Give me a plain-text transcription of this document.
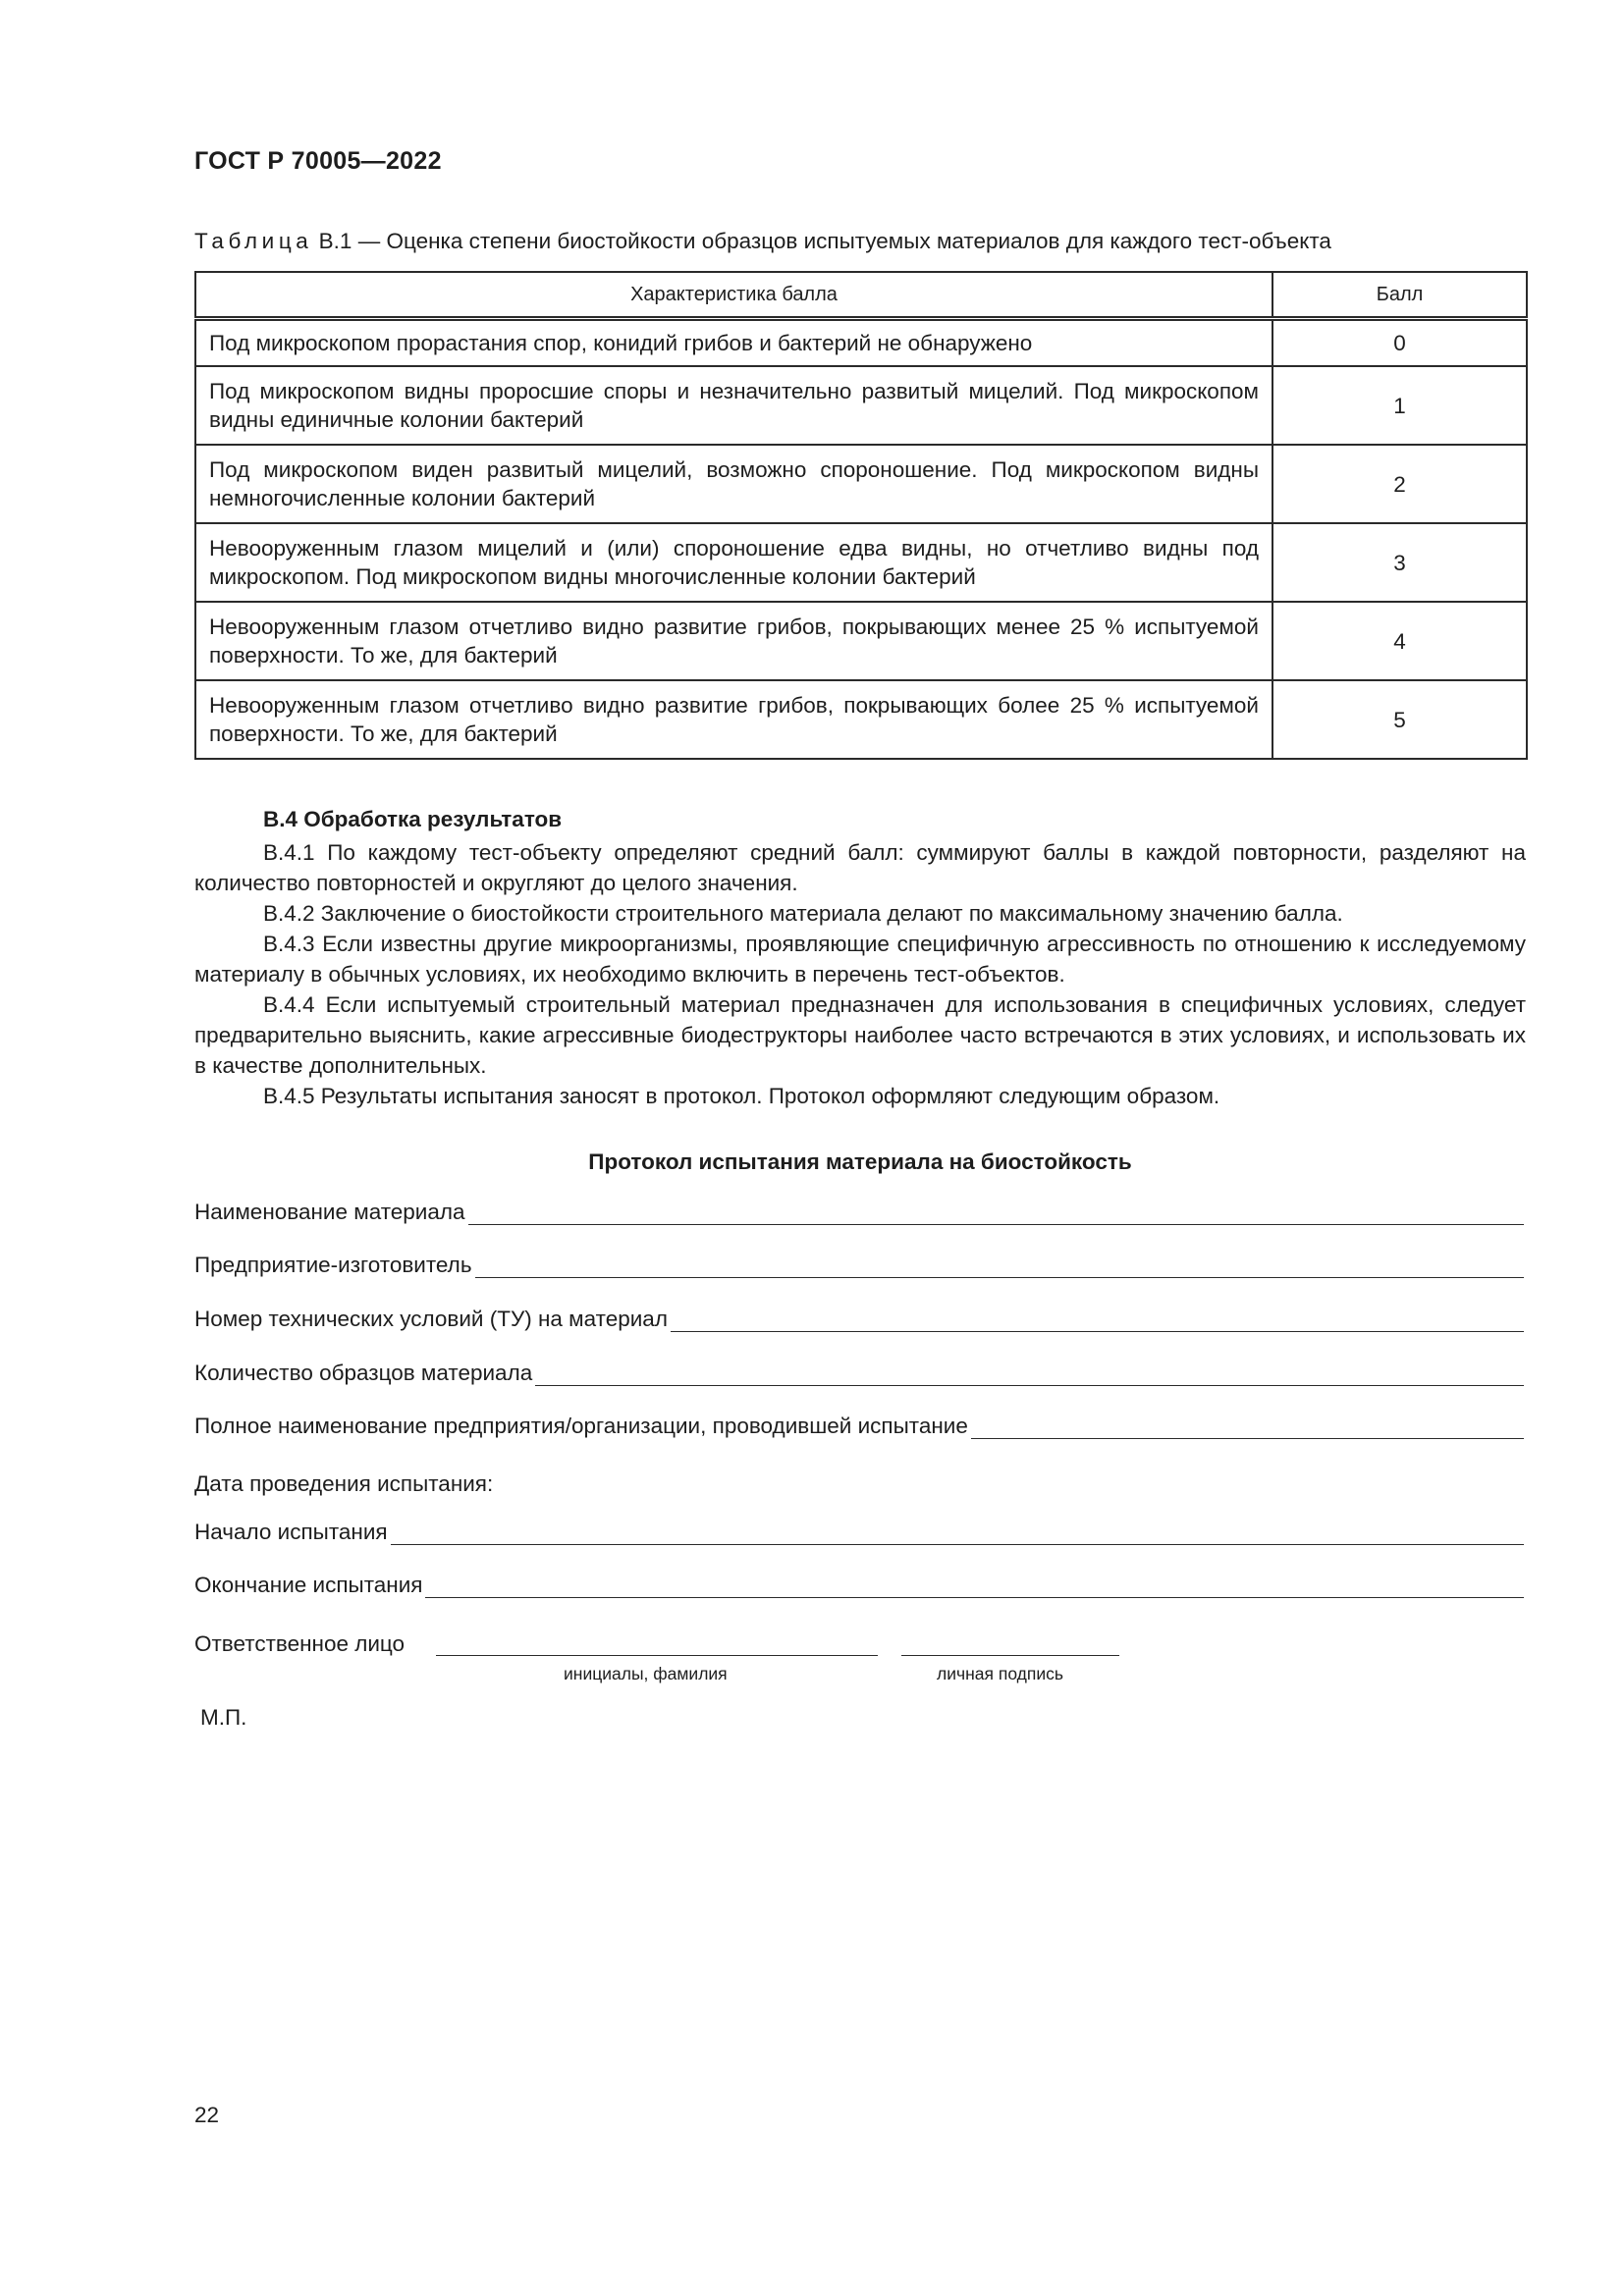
ГОСТ Р 70005—2022
Таблица В.1 — Оценка степени биостойкости образцов испытуемых материалов для каждого тест-объекта
Характеристика балла	Балл
Под микроскопом прорастания спор, конидий грибов и бактерий не обнаружено	0
Под микроскопом видны проросшие споры и незначительно развитый мицелий. Под микроскопом видны единичные колонии бактерий	1
Под микроскопом виден развитый мицелий, возможно спороношение. Под микроскопом видны немногочисленные колонии бактерий	2
Невооруженным глазом мицелий и (или) спороношение едва видны, но отчетливо видны под микроскопом. Под микроскопом видны многочисленные колонии бактерий	3
Невооруженным глазом отчетливо видно развитие грибов, покрывающих менее 25 % испытуемой поверхности. То же, для бактерий	4
Невооруженным глазом отчетливо видно развитие грибов, покрывающих более 25 % испытуемой поверхности. То же, для бактерий	5
В.4 Обработка результатов

В.4.1 По каждому тест-объекту определяют средний балл: суммируют баллы в каждой повторности, разделяют на количество повторностей и округляют до целого значения.

В.4.2 Заключение о биостойкости строительного материала делают по максимальному значению балла.

В.4.3 Если известны другие микроорганизмы, проявляющие специфичную агрессивность по отношению к исследуемому материалу в обычных условиях, их необходимо включить в перечень тест-объектов.

В.4.4 Если испытуемый строительный материал предназначен для использования в специфичных условиях, следует предварительно выяснить, какие агрессивные биодеструкторы наиболее часто встречаются в этих условиях, и использовать их в качестве дополнительных.

В.4.5 Результаты испытания заносят в протокол. Протокол оформляют следующим образом.

Протокол испытания материала на биостойкость
Наименование материала
Предприятие-изготовитель
Номер технических условий (ТУ) на материал
Количество образцов материала
Полное наименование предприятия/организации, проводившей испытание
Дата проведения испытания:
Начало испытания
Окончание испытания
Ответственное лицо
инициалы, фамилия	личная подпись
М.П.
22
